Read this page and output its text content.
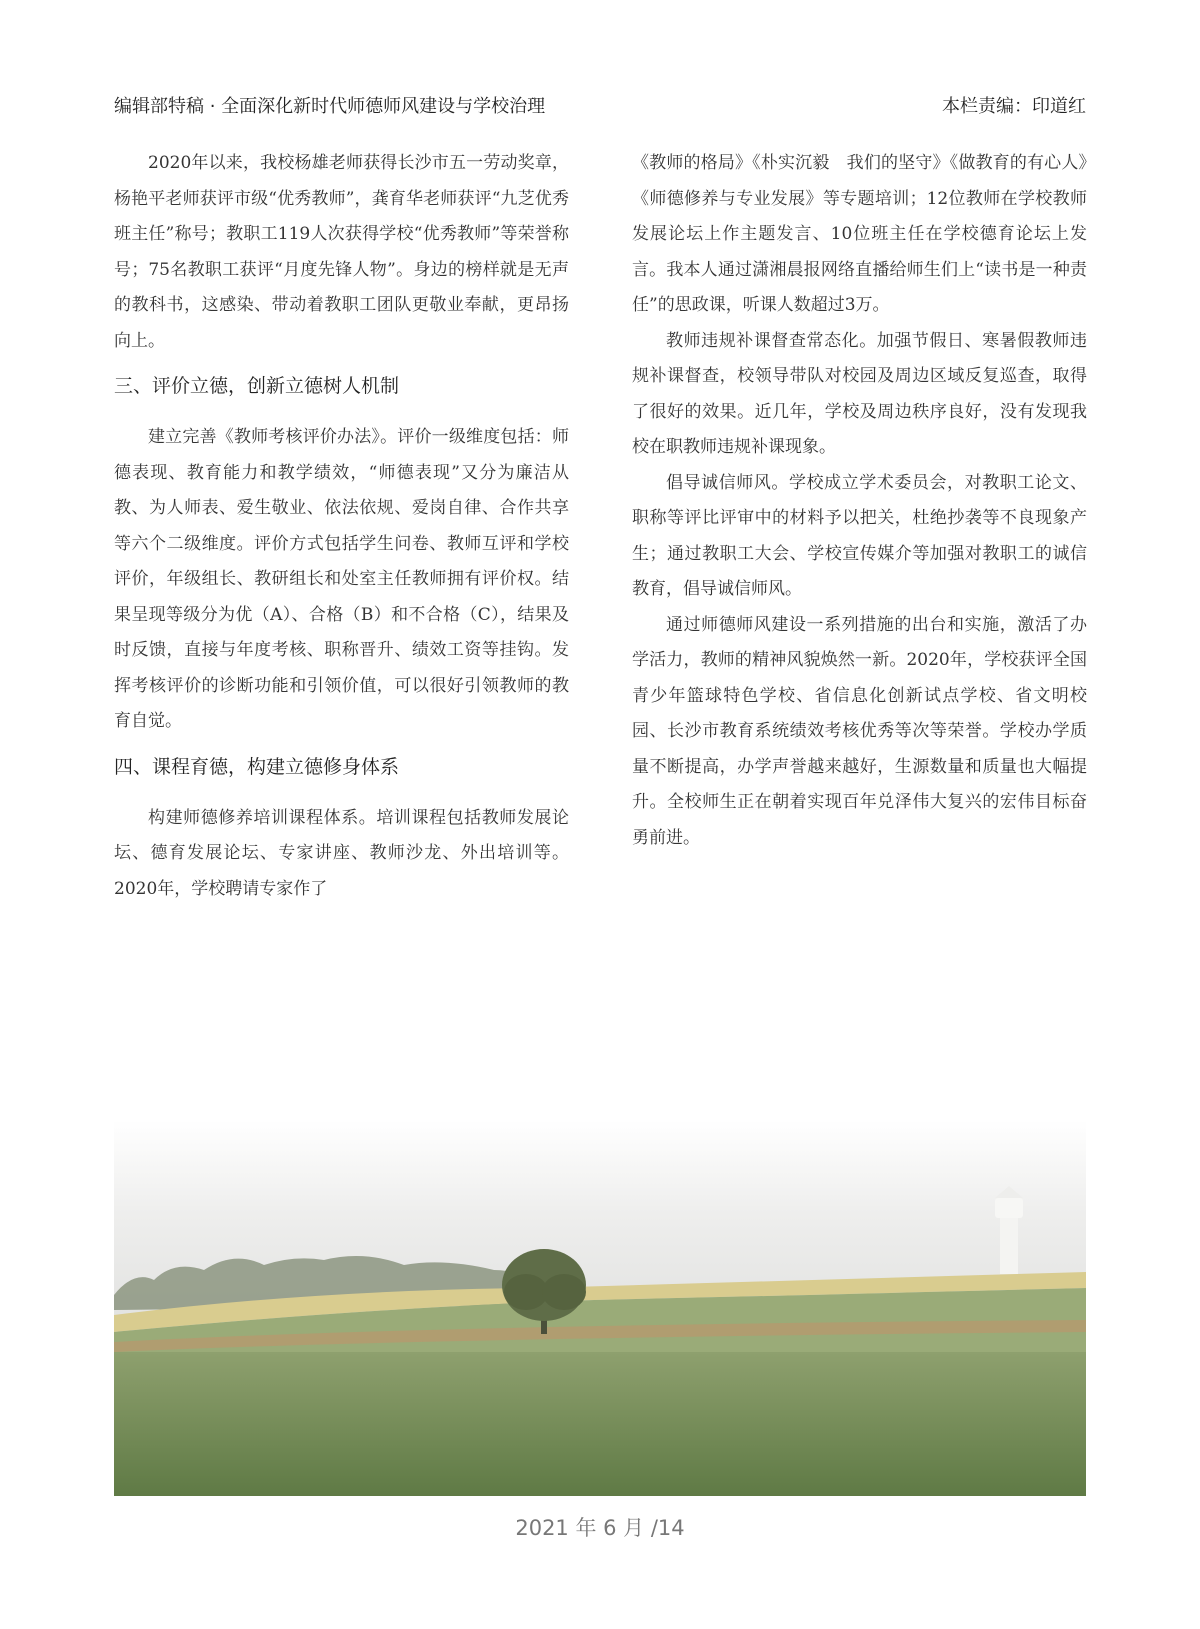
编辑部特稿 · 全面深化新时代师德师风建设与学校治理	本栏责编：印道红

2020年以来，我校杨雄老师获得长沙市五一劳动奖章，杨艳平老师获评市级“优秀教师”，龚育华老师获评“九芝优秀班主任”称号；教职工119人次获得学校“优秀教师”等荣誉称号；75名教职工获评“月度先锋人物”。身边的榜样就是无声的教科书，这感染、带动着教职工团队更敬业奉献，更昂扬向上。

三、评价立德，创新立德树人机制

建立完善《教师考核评价办法》。评价一级维度包括：师德表现、教育能力和教学绩效，“师德表现”又分为廉洁从教、为人师表、爱生敬业、依法依规、爱岗自律、合作共享等六个二级维度。评价方式包括学生问卷、教师互评和学校评价，年级组长、教研组长和处室主任教师拥有评价权。结果呈现等级分为优（A）、合格（B）和不合格（C），结果及时反馈，直接与年度考核、职称晋升、绩效工资等挂钩。发挥考核评价的诊断功能和引领价值，可以很好引领教师的教育自觉。

四、课程育德，构建立德修身体系

构建师德修养培训课程体系。培训课程包括教师发展论坛、德育发展论坛、专家讲座、教师沙龙、外出培训等。2020年，学校聘请专家作了

《教师的格局》《朴实沉毅　我们的坚守》《做教育的有心人》《师德修养与专业发展》等专题培训；12位教师在学校教师发展论坛上作主题发言、10位班主任在学校德育论坛上发言。我本人通过潇湘晨报网络直播给师生们上“读书是一种责任”的思政课，听课人数超过3万。

教师违规补课督查常态化。加强节假日、寒暑假教师违规补课督查，校领导带队对校园及周边区域反复巡查，取得了很好的效果。近几年，学校及周边秩序良好，没有发现我校在职教师违规补课现象。

倡导诚信师风。学校成立学术委员会，对教职工论文、职称等评比评审中的材料予以把关，杜绝抄袭等不良现象产生；通过教职工大会、学校宣传媒介等加强对教职工的诚信教育，倡导诚信师风。

通过师德师风建设一系列措施的出台和实施，激活了办学活力，教师的精神风貌焕然一新。2020年，学校获评全国青少年篮球特色学校、省信息化创新试点学校、省文明校园、长沙市教育系统绩效考核优秀等次等荣誉。学校办学质量不断提高，办学声誉越来越好，生源数量和质量也大幅提升。全校师生正在朝着实现百年兑泽伟大复兴的宏伟目标奋勇前进。

2021 年 6 月 /14
